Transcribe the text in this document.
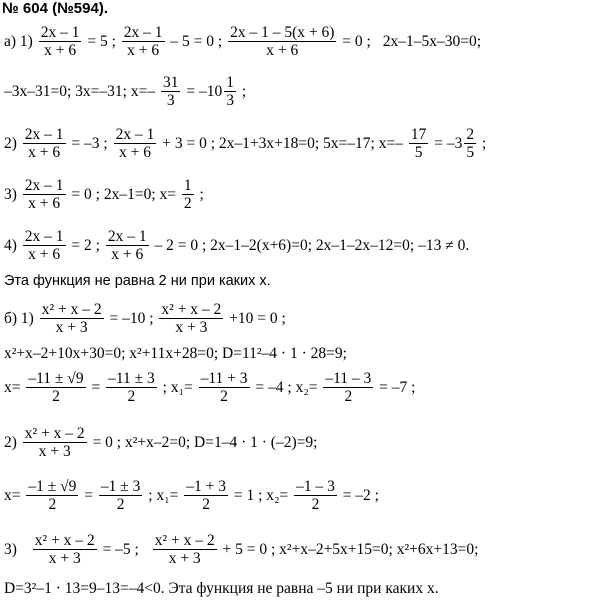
№ 604 (№594).
а) $1) \frac{2x - 1}{x + 6} = 5$ ; $\frac{2x - 1}{x + 6} - 5 = 0$ ; $\frac{2x - 1 - 5(x + 6)}{x + 6} = 0$ ; 2x–1–5x–30=0;
–3x–31=0; 3x=–31; $x=- \frac{31}{3} = -10 \frac{1}{3}$ ;
$2) \frac{2x - 1}{x + 6} = -3$ ; $\frac{2x - 1}{x + 6} + 3 = 0$ ; 2x–1+3x+18=0; 5x=–17; $x=- \frac{17}{5} = -3 \frac{2}{5}$ ;
$3) \frac{2x - 1}{x + 6} = 0$ ; 2x–1=0; $x= \frac{1}{2}$ ;
$4) \frac{2x - 1}{x + 6} = 2$ ; $\frac{2x - 1}{x + 6} - 2 = 0$ ; 2x–1–2(x+6)=0; 2x–1–2x–12=0; –13 ≠ 0.
Эта функция не равна 2 ни при каких x.
б) $1) \frac{\text{x² + x – 2}}{x + 3} = -10$ ; $\frac{\text{x² + x – 2}}{x + 3} +10 = 0$ ;
x²+x–2+10x+30=0; x²+11x+28=0; D=11²–4 · 1 · 28=9;
$x= \frac{-11 \pm √9}{2} = \frac{-11 \pm 3}{2}$ ; $x_1= \frac{-11 + 3}{2} = -4$ ; $x_2= \frac{-11 - 3}{2} = -7$ ;
$2) \frac{\text{x² + x – 2}}{x + 3} = 0$ ; x²+x–2=0; D=1–4 · 1 · (–2)=9;
$x= \frac{-1 \pm √9}{2} = \frac{-1 \pm 3}{2}$ ; $x_1= \frac{-1 + 3}{2} = 1$ ; $x_2= \frac{-1 - 3}{2} = -2$ ;
$3) \frac{\text{x² + x – 2}}{x + 3} = -5$ ; $\frac{\text{x² + x – 2}}{x + 3} + 5 = 0$ ; x²+x–2+5x+15=0; x²+6x+13=0;
D=3²–1 · 13=9–13=–4<0. Эта функция не равна –5 ни при каких x.
